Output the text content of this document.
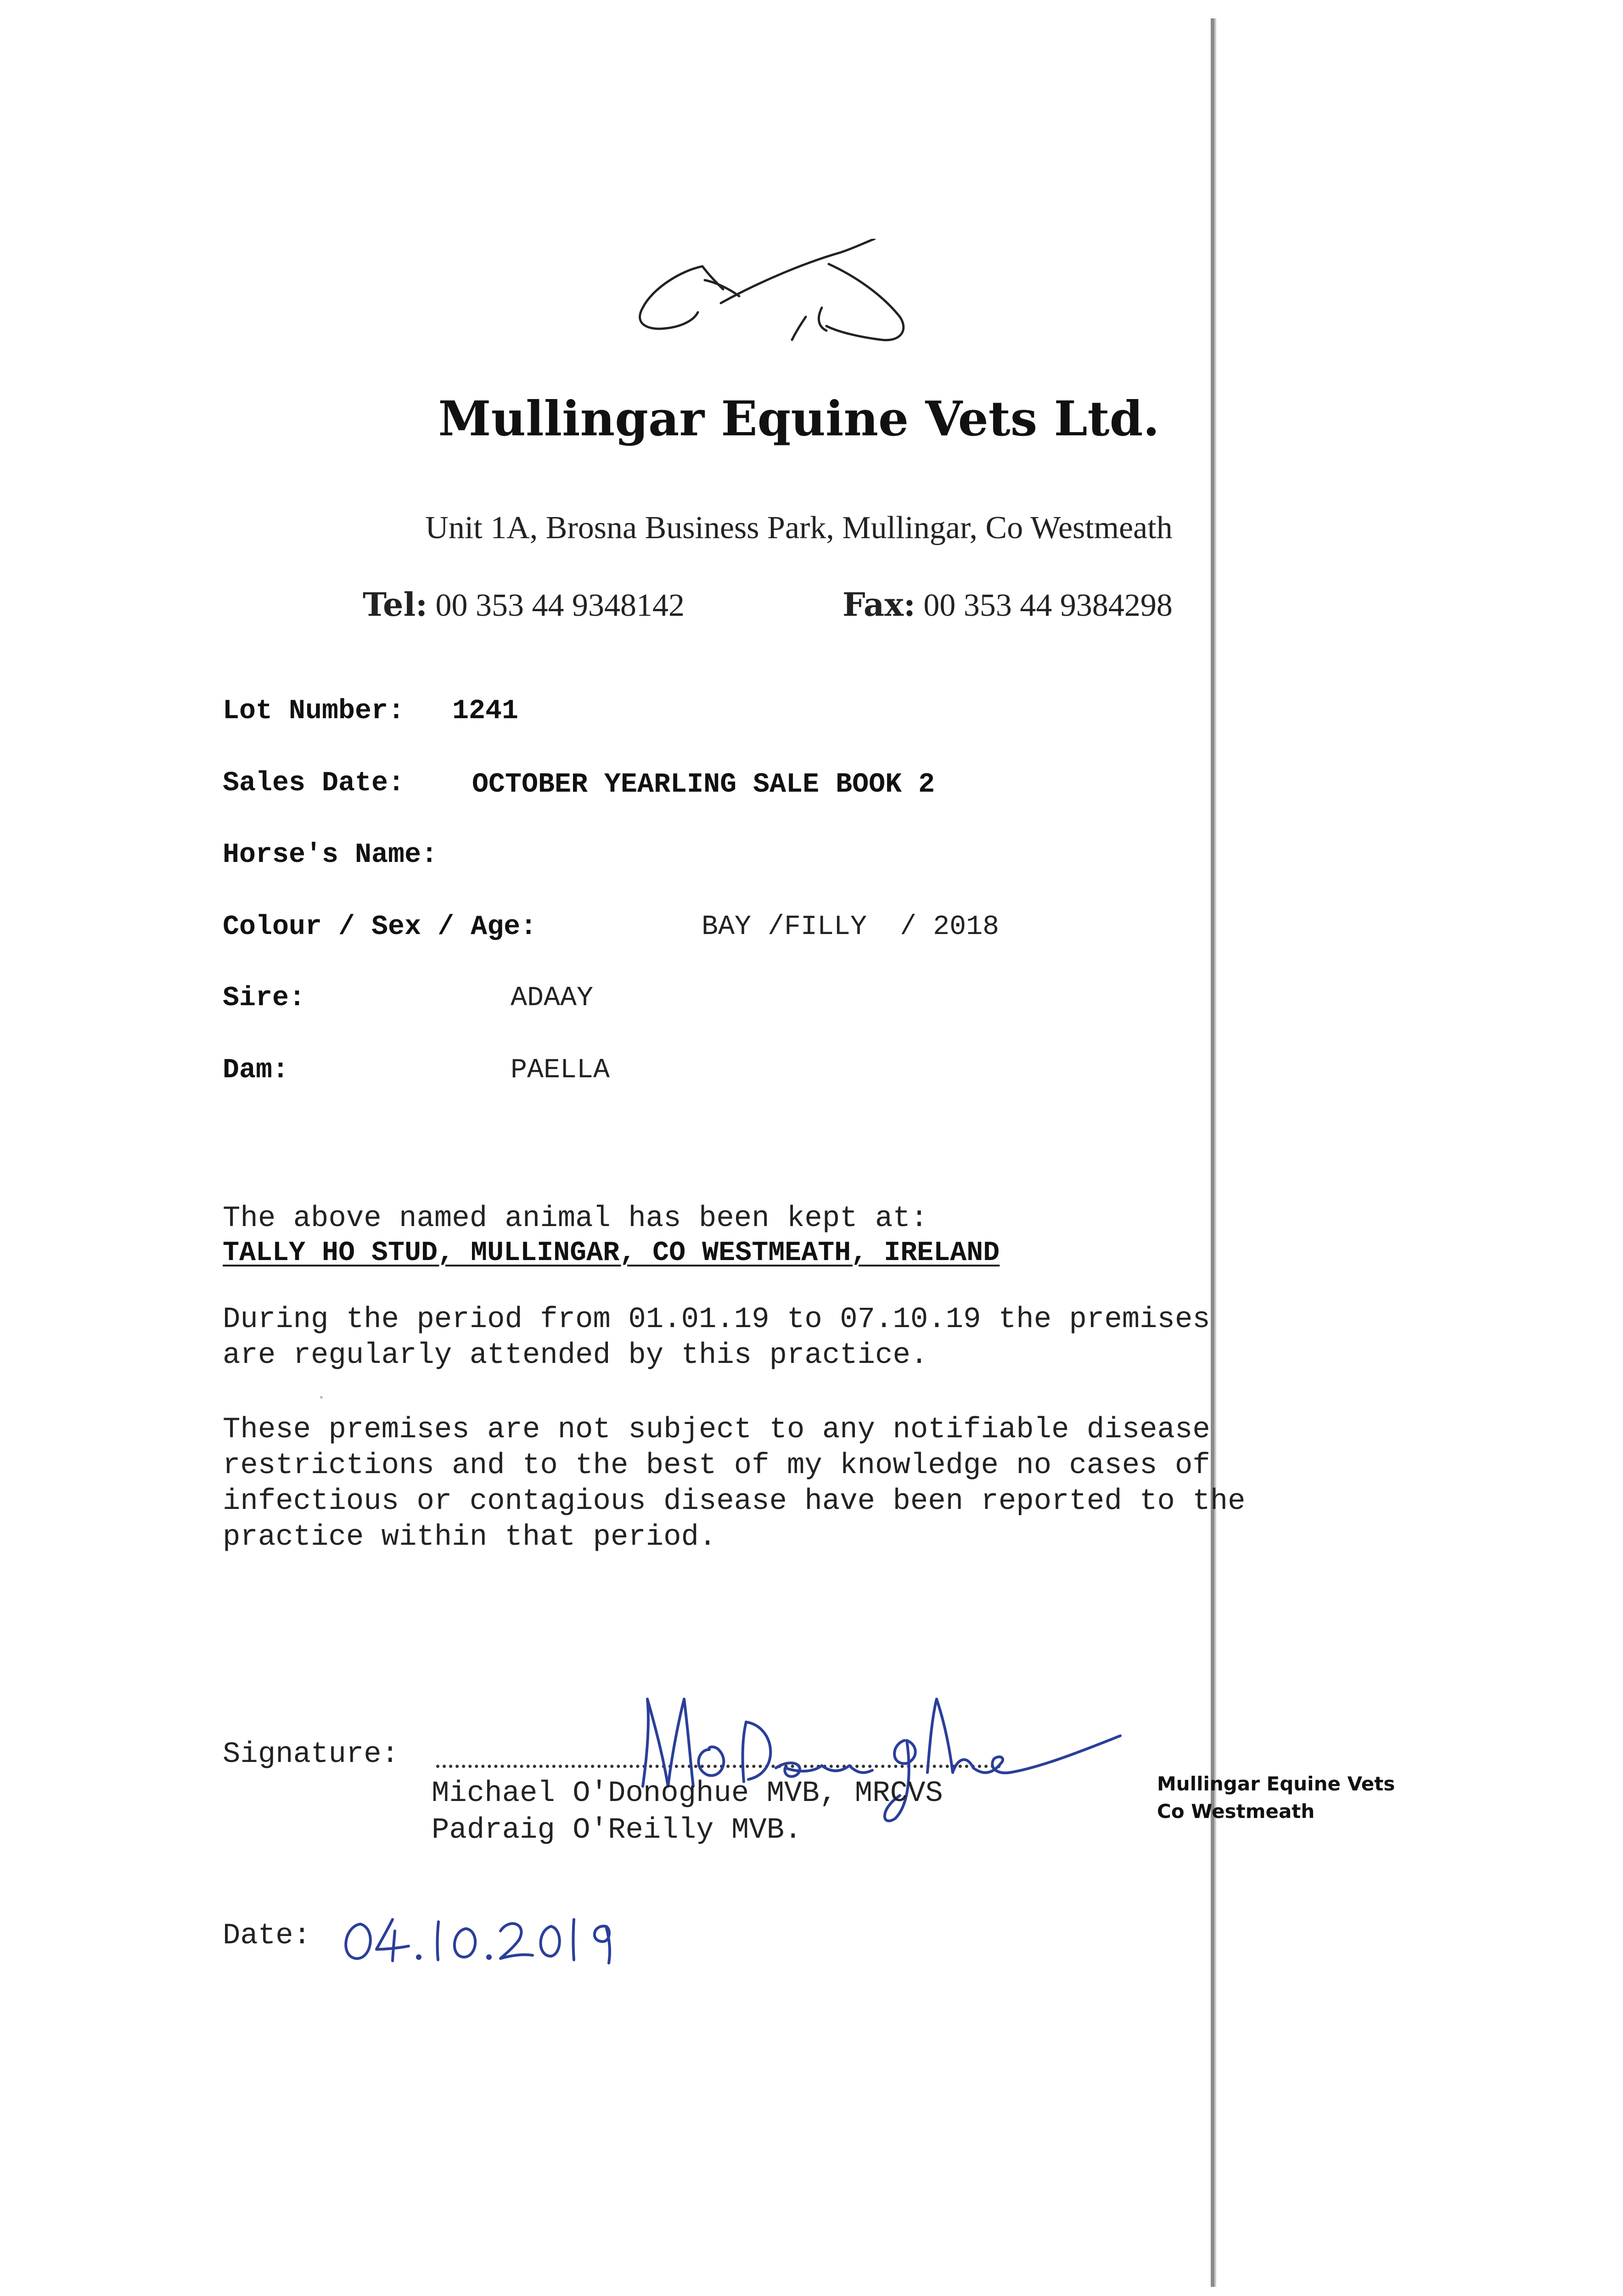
Mullingar Equine Vets Ltd.
Unit 1A, Brosna Business Park, Mullingar, Co Westmeath
Tel: 00 353 44 9348142	Fax: 00 353 44 9384298
Lot Number: 1241
Sales Date: OCTOBER YEARLING SALE BOOK 2
Horse's Name:
Colour / Sex / Age:	BAY /FILLY  / 2018
Sire:	ADAAY
Dam:	PAELLA
The above named animal has been kept at:
TALLY HO STUD, MULLINGAR, CO WESTMEATH, IRELAND
During the period from 01.01.19 to 07.10.19 the premises
are regularly attended by this practice.
These premises are not subject to any notifiable disease
restrictions and to the best of my knowledge no cases of
infectious or contagious disease have been reported to the
practice within that period.
Signature:
Michael O'Donoghue MVB, MRCVS
Padraig O'Reilly MVB.
Mullingar Equine Vets
Co Westmeath
Date:
